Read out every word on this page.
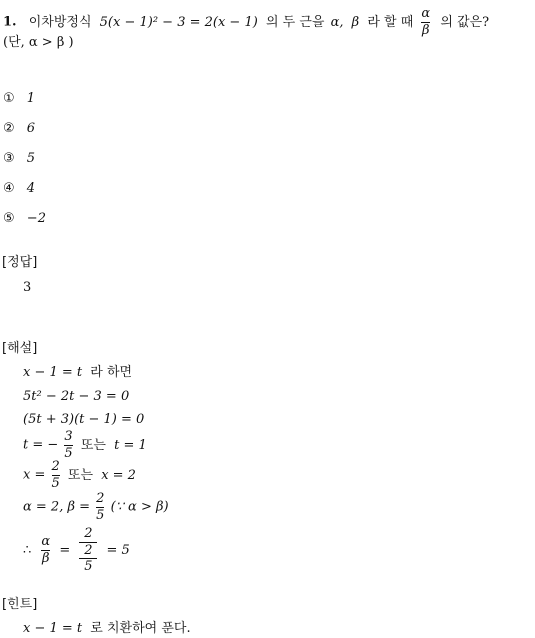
1. 이차방정식 5(x − 1)² − 3 = 2(x − 1) 의 두 근을 α, β 라 할 때 $\frac{\alpha}{\beta}$ 의 값은?
(단, α > β )
① 1
② 6
③ 5
④ 4
⑤ −2
[정답]
3
[해설]
x − 1 = t 라 하면
5t² − 2t − 3 = 0
(5t + 3)(t − 1) = 0
t = − $\frac{3}{5}$ 또는 t = 1
$x = \frac{2}{5}$ 또는 x = 2
α = 2, $\beta = \frac{2}{5}$ (∵ α > β)
∴ $\frac{\alpha}{\beta} = 2$
2
5 = 5
[힌트]
x − 1 = t 로 치환하여 푼다.
